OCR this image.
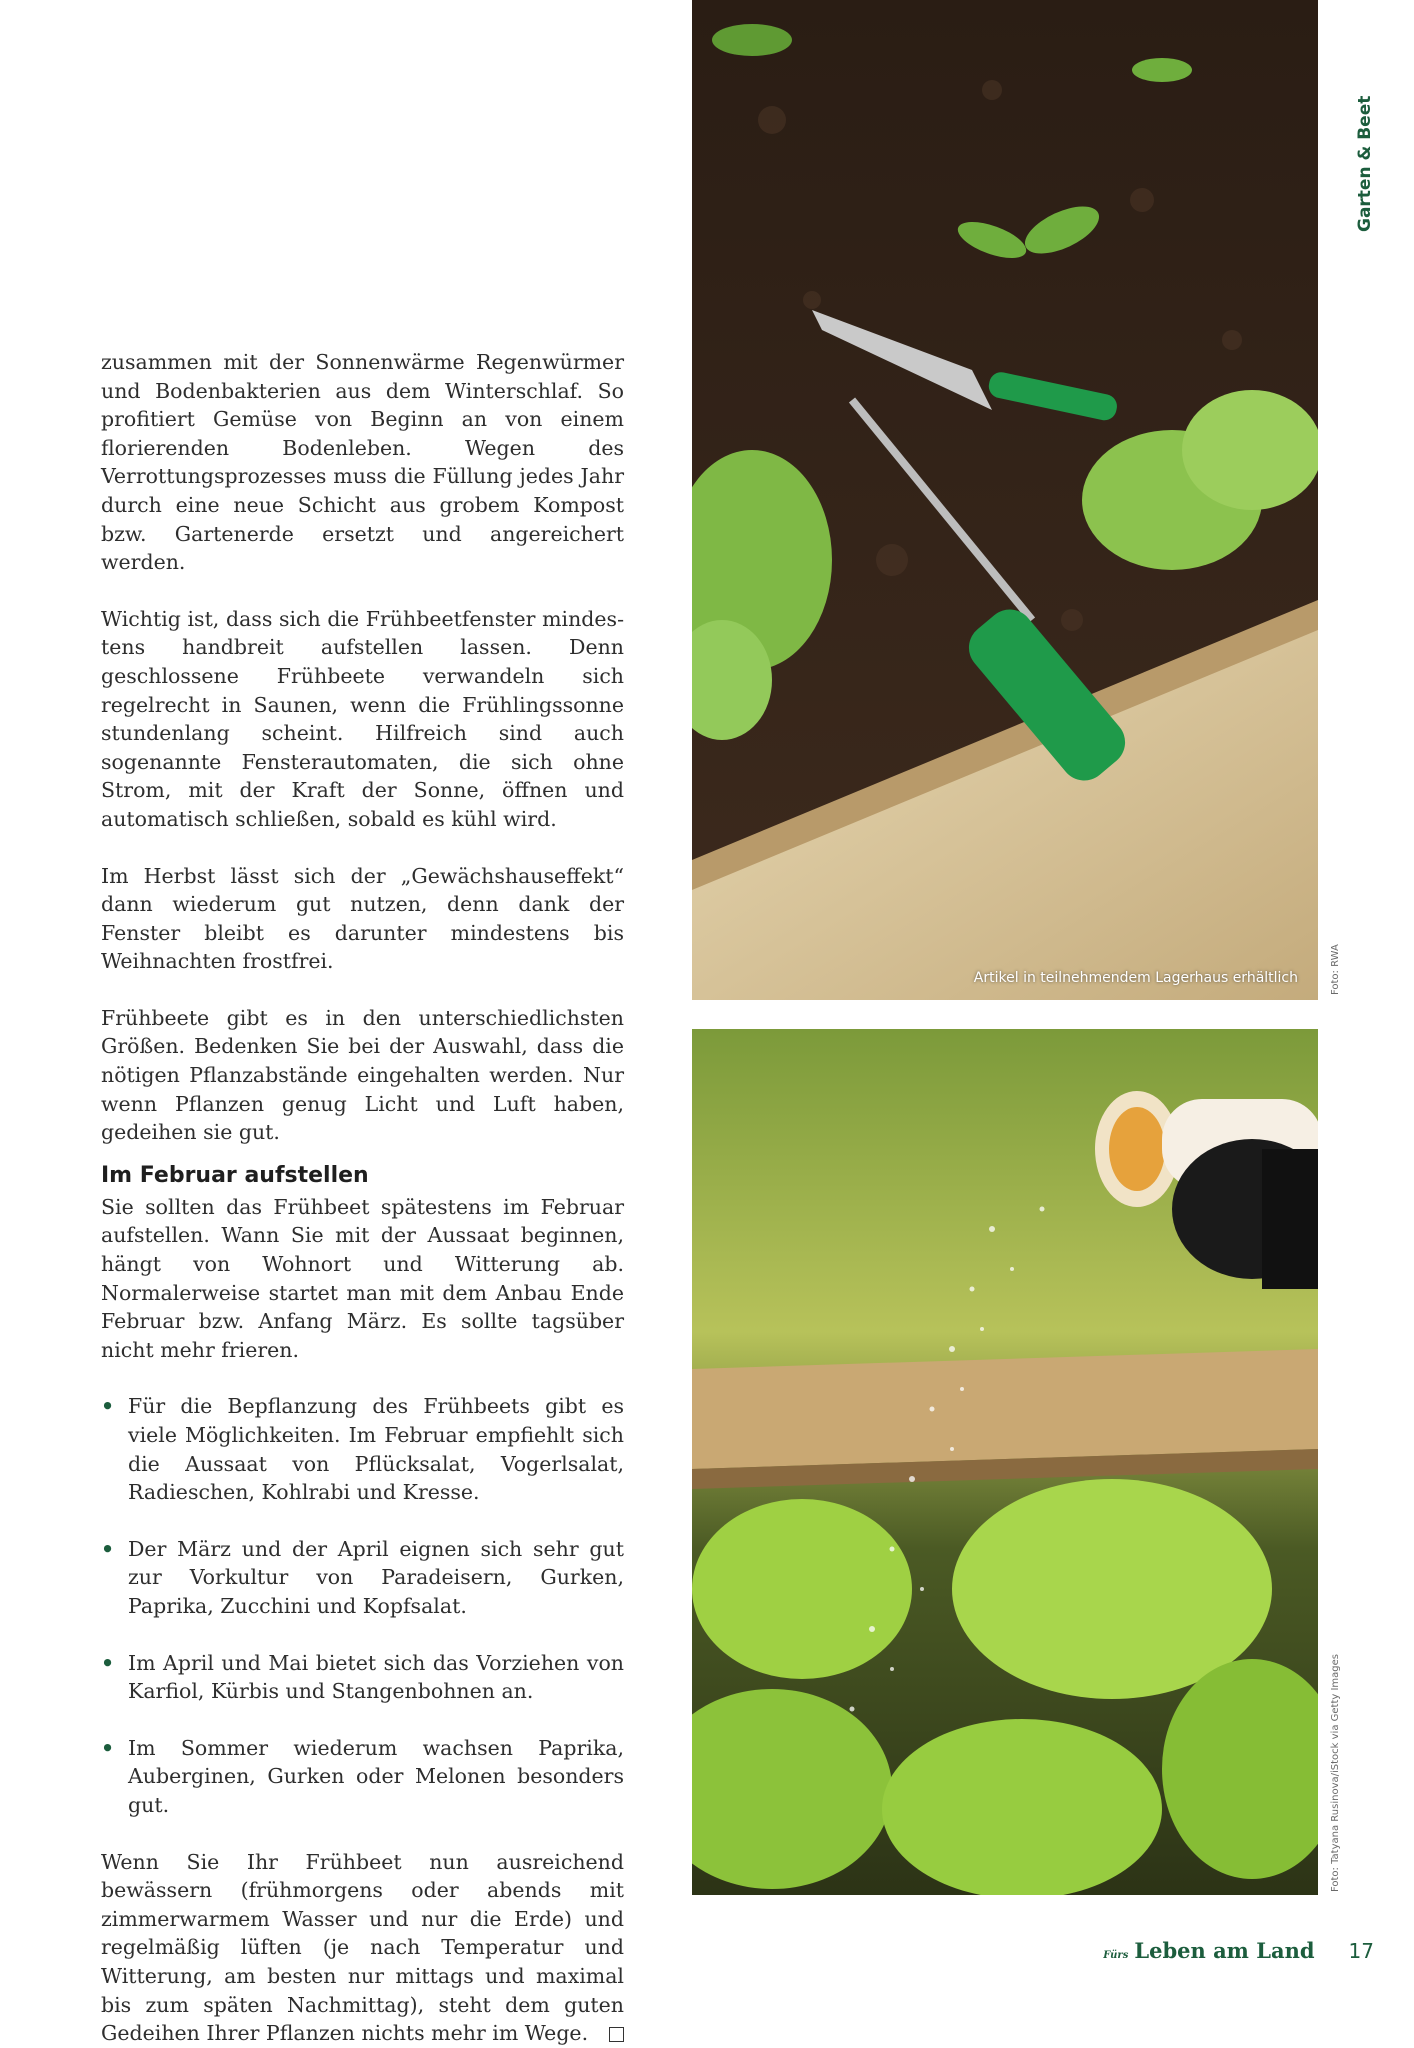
Garten & Beet

zusammen mit der Sonnenwärme Regenwürmer und Bodenbakterien aus dem Winterschlaf. So profitiert Gemüse von Beginn an von einem florierenden Bodenleben. Wegen des Verrottungsprozesses muss die Füllung jedes Jahr durch eine neue Schicht aus grobem Kompost bzw. Gartenerde ersetzt und angereichert werden.

Wichtig ist, dass sich die Frühbeetfenster mindestens handbreit aufstellen lassen. Denn geschlossene Frühbeete verwandeln sich regelrecht in Saunen, wenn die Frühlingssonne stundenlang scheint. Hilfreich sind auch sogenannte Fensterautomaten, die sich ohne Strom, mit der Kraft der Sonne, öffnen und automatisch schließen, sobald es kühl wird.

Im Herbst lässt sich der „Gewächshauseffekt“ dann wiederum gut nutzen, denn dank der Fenster bleibt es darunter mindestens bis Weihnachten frostfrei.

Frühbeete gibt es in den unterschiedlichsten Größen. Bedenken Sie bei der Auswahl, dass die nötigen Pflanzabstände eingehalten werden. Nur wenn Pflanzen genug Licht und Luft haben, gedeihen sie gut.

Im Februar aufstellen

Sie sollten das Frühbeet spätestens im Februar aufstellen. Wann Sie mit der Aussaat beginnen, hängt von Wohnort und Witterung ab. Normalerweise startet man mit dem Anbau Ende Februar bzw. Anfang März. Es sollte tagsüber nicht mehr frieren.

• Für die Bepflanzung des Frühbeets gibt es viele Möglichkeiten. Im Februar empfiehlt sich die Aussaat von Pflücksalat, Vogerlsalat, Radieschen, Kohlrabi und Kresse.
• Der März und der April eignen sich sehr gut zur Vorkultur von Paradeisern, Gurken, Paprika, Zucchini und Kopfsalat.
• Im April und Mai bietet sich das Vorziehen von Karfiol, Kürbis und Stangenbohnen an.
• Im Sommer wiederum wachsen Paprika, Auberginen, Gurken oder Melonen besonders gut.

Wenn Sie Ihr Frühbeet nun ausreichend bewässern (frühmorgens oder abends mit zimmerwarmem Wasser und nur die Erde) und regelmäßig lüften (je nach Temperatur und Witterung, am besten nur mittags und maximal bis zum späten Nachmittag), steht dem guten Gedeihen Ihrer Pflanzen nichts mehr im Wege.

Artikel in teilnehmendem Lagerhaus erhältlich	Foto: RWA
Foto: Tatyana Rusinova/iStock via Getty Images
Fürs Leben am Land 17
